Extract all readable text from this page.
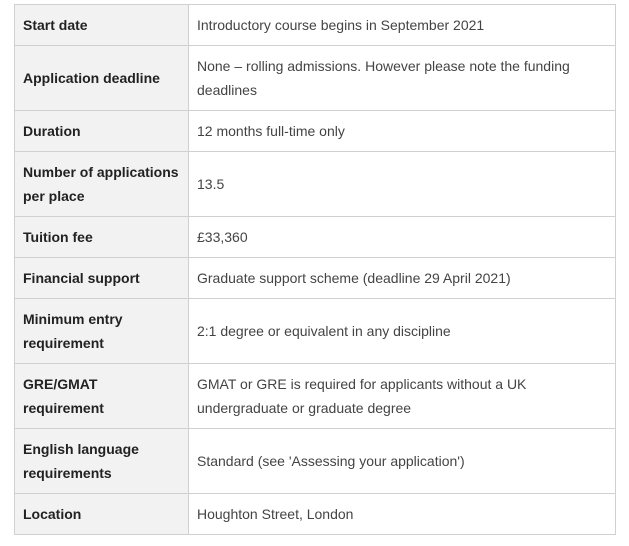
Start date	Introductory course begins in September 2021
Application deadline	None – rolling admissions. However please note the funding deadlines
Duration	12 months full-time only
Number of applications per place	13.5
Tuition fee	£33,360
Financial support	Graduate support scheme (deadline 29 April 2021)
Minimum entry requirement	2:1 degree or equivalent in any discipline
GRE/GMAT requirement	GMAT or GRE is required for applicants without a UK undergraduate or graduate degree
English language requirements	Standard (see 'Assessing your application')
Location	Houghton Street, London
